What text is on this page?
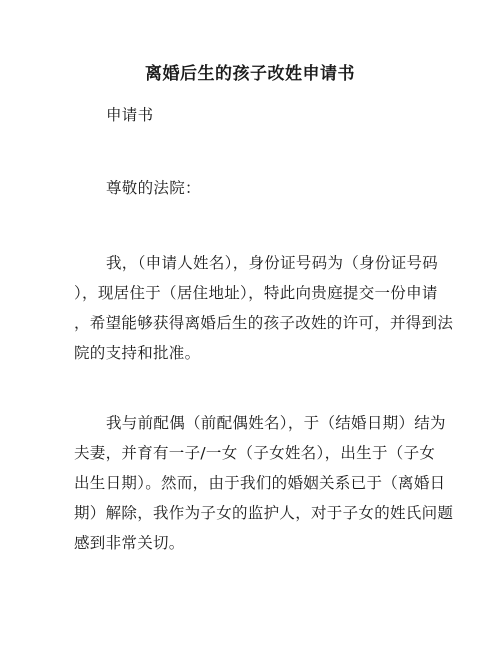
离婚后生的孩子改姓申请书
申请书
尊敬的法院：
我，（申请人姓名），身份证号码为（身份证号码
），现居住于（居住地址），特此向贵庭提交一份申请
，希望能够获得离婚后生的孩子改姓的许可，并得到法
院的支持和批准。
我与前配偶（前配偶姓名），于（结婚日期）结为
夫妻，并育有一子/一女（子女姓名），出生于（子女
出生日期）。然而，由于我们的婚姻关系已于（离婚日
期）解除，我作为子女的监护人，对于子女的姓氏问题
感到非常关切。
